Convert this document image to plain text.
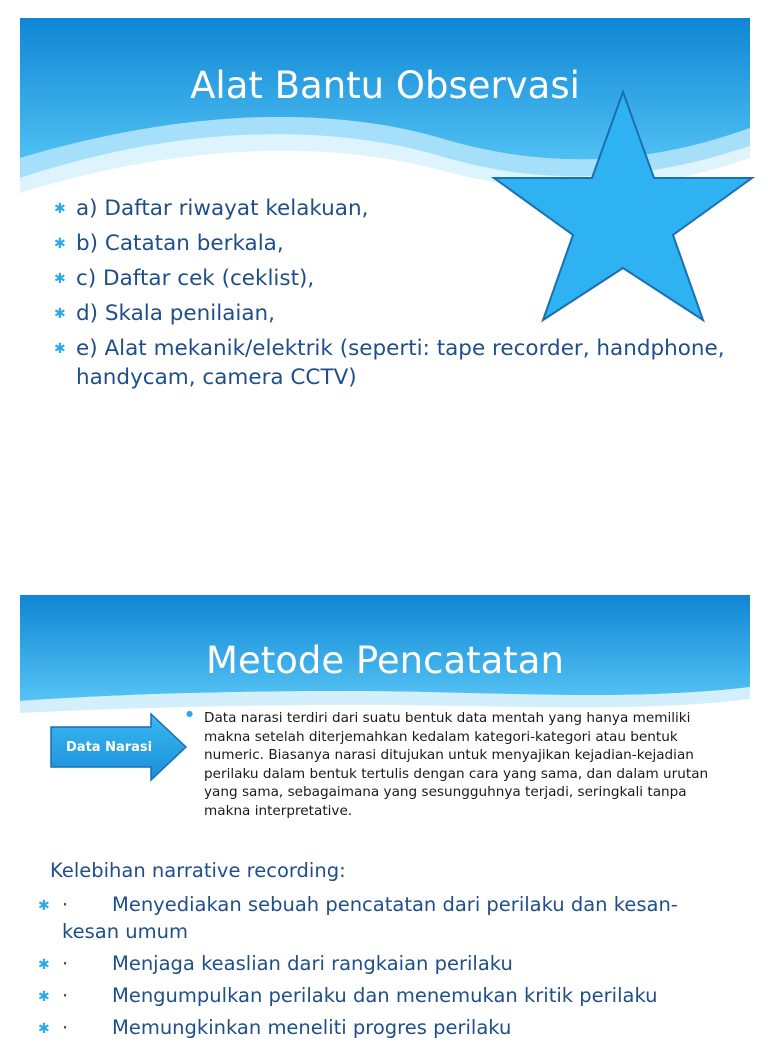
Alat Bantu Observasi
✱ a) Daftar riwayat kelakuan,
✱ b) Catatan berkala,
✱ c) Daftar cek (ceklist),
✱ d) Skala penilaian,
✱ e) Alat mekanik/elektrik (seperti: tape recorder, handphone, handycam, camera CCTV)
Metode Pencatatan
Data Narasi
● Data narasi terdiri dari suatu bentuk data mentah yang hanya memiliki makna setelah diterjemahkan kedalam kategori-kategori atau bentuk numeric. Biasanya narasi ditujukan untuk menyajikan kejadian-kejadian perilaku dalam bentuk tertulis dengan cara yang sama, dan dalam urutan yang sama, sebagaimana yang sesungguhnya terjadi, seringkali tanpa makna interpretative.
Kelebihan narrative recording:
✱ · Menyediakan sebuah pencatatan dari perilaku dan kesan- kesan umum
✱ · Menjaga keaslian dari rangkaian perilaku
✱ · Mengumpulkan perilaku dan menemukan kritik perilaku
✱ · Memungkinkan meneliti progres perilaku
